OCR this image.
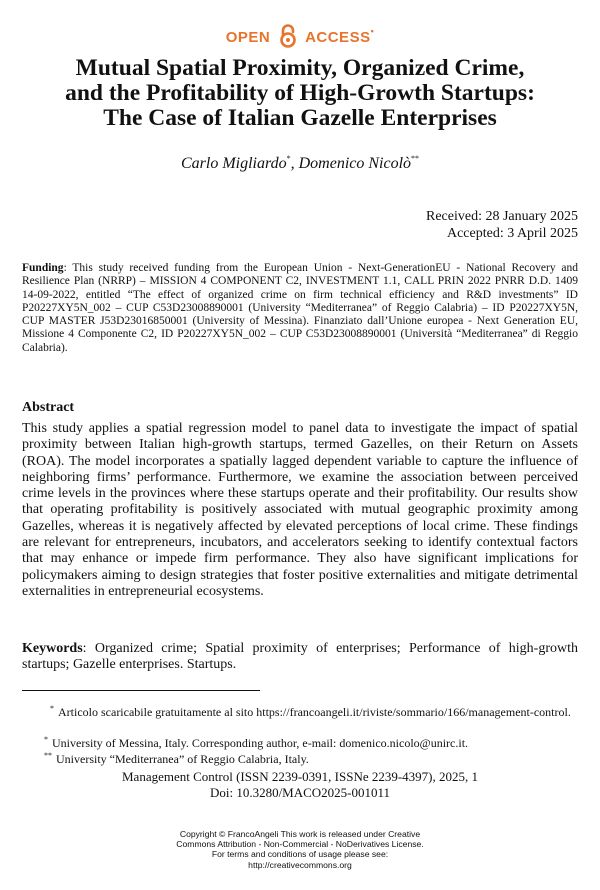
OPEN ACCESS•
Mutual Spatial Proximity, Organized Crime,
and the Profitability of High-Growth Startups:
The Case of Italian Gazelle Enterprises
Carlo Migliardo*, Domenico Nicolò**
Received: 28 January 2025
Accepted: 3 April 2025
Funding: This study received funding from the European Union - Next-GenerationEU - National Recovery and Resilience Plan (NRRP) – MISSION 4 COMPONENT C2, INVESTMENT 1.1, CALL PRIN 2022 PNRR D.D. 1409 14-09-2022, entitled “The effect of organized crime on firm technical efficiency and R&D investments” ID P20227XY5N_002 – CUP C53D23008890001 (University “Mediterranea” of Reggio Calabria) – ID P20227XY5N, CUP MASTER J53D23016850001 (University of Messina). Finanziato dall’Unione europea - Next Generation EU, Missione 4 Componente C2, ID P20227XY5N_002 – CUP C53D23008890001 (Università “Mediterranea” di Reggio Calabria).
Abstract

This study applies a spatial regression model to panel data to investigate the impact of spatial proximity between Italian high-growth startups, termed Gazelles, on their Return on Assets (ROA). The model incorporates a spatially lagged dependent variable to capture the influence of neighboring firms’ performance. Furthermore, we examine the association between perceived crime levels in the provinces where these startups operate and their profitability. Our results show that operating profitability is positively associated with mutual geographic proximity among Gazelles, whereas it is negatively affected by elevated perceptions of local crime. These findings are relevant for entrepreneurs, incubators, and accelerators seeking to identify contextual factors that may enhance or impede firm performance. They also have significant implications for policymakers aiming to design strategies that foster positive externalities and mitigate detrimental externalities in entrepreneurial ecosystems.

Keywords: Organized crime; Spatial proximity of enterprises; Performance of high-growth startups; Gazelle enterprises. Startups.

* Articolo scaricabile gratuitamente al sito https://francoangeli.it/riviste/sommario/166/management-control.
* University of Messina, Italy. Corresponding author, e-mail: domenico.nicolo@unirc.it.
** University “Mediterranea” of Reggio Calabria, Italy.
Management Control (ISSN 2239-0391, ISSNe 2239-4397), 2025, 1
Doi: 10.3280/MACO2025-001011
Copyright © FrancoAngeli This work is released under Creative
Commons Attribution - Non-Commercial - NoDerivatives License.
For terms and conditions of usage please see:
http://creativecommons.org
